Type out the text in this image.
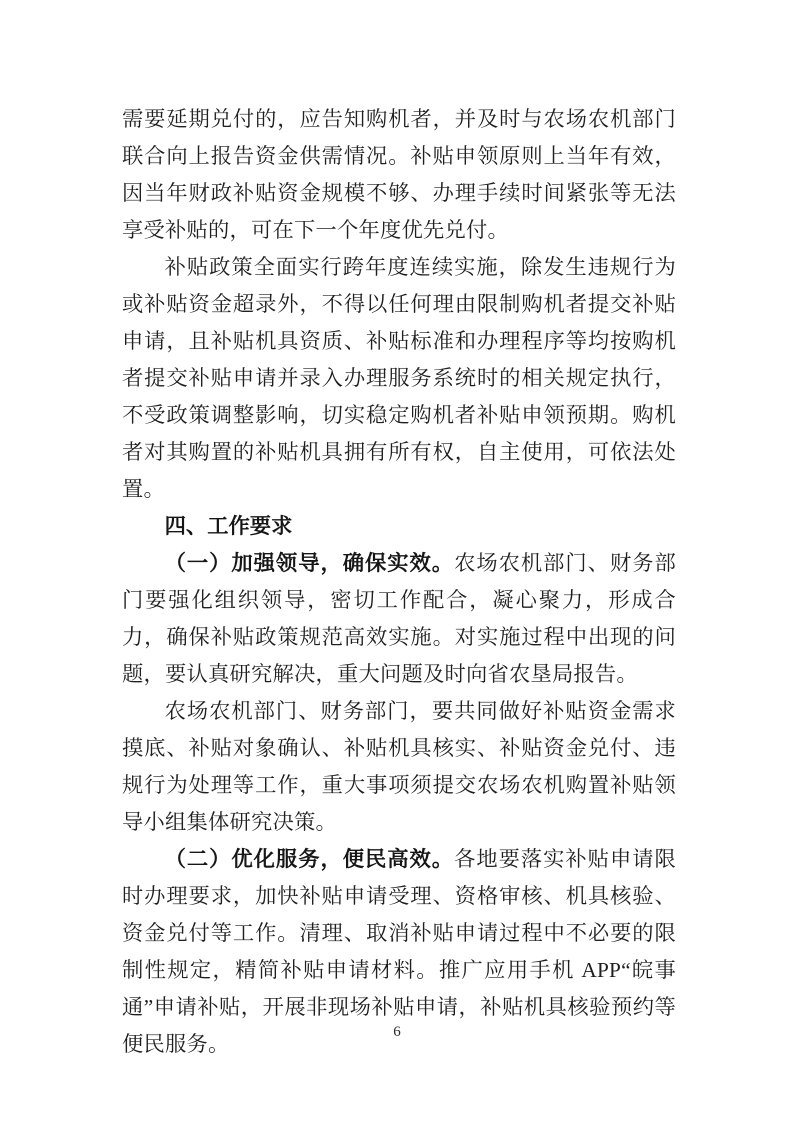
需要延期兑付的，应告知购机者，并及时与农场农机部门联合向上报告资金供需情况。补贴申领原则上当年有效，因当年财政补贴资金规模不够、办理手续时间紧张等无法享受补贴的，可在下一个年度优先兑付。

补贴政策全面实行跨年度连续实施，除发生违规行为或补贴资金超录外，不得以任何理由限制购机者提交补贴申请，且补贴机具资质、补贴标准和办理程序等均按购机者提交补贴申请并录入办理服务系统时的相关规定执行，不受政策调整影响，切实稳定购机者补贴申领预期。购机者对其购置的补贴机具拥有所有权，自主使用，可依法处置。

四、工作要求

（一）加强领导，确保实效。农场农机部门、财务部门要强化组织领导，密切工作配合，凝心聚力，形成合力，确保补贴政策规范高效实施。对实施过程中出现的问题，要认真研究解决，重大问题及时向省农垦局报告。

农场农机部门、财务部门，要共同做好补贴资金需求摸底、补贴对象确认、补贴机具核实、补贴资金兑付、违规行为处理等工作，重大事项须提交农场农机购置补贴领导小组集体研究决策。

（二）优化服务，便民高效。各地要落实补贴申请限时办理要求，加快补贴申请受理、资格审核、机具核验、资金兑付等工作。清理、取消补贴申请过程中不必要的限制性规定，精简补贴申请材料。推广应用手机 APP“皖事通”申请补贴，开展非现场补贴申请，补贴机具核验预约等便民服务。	6
